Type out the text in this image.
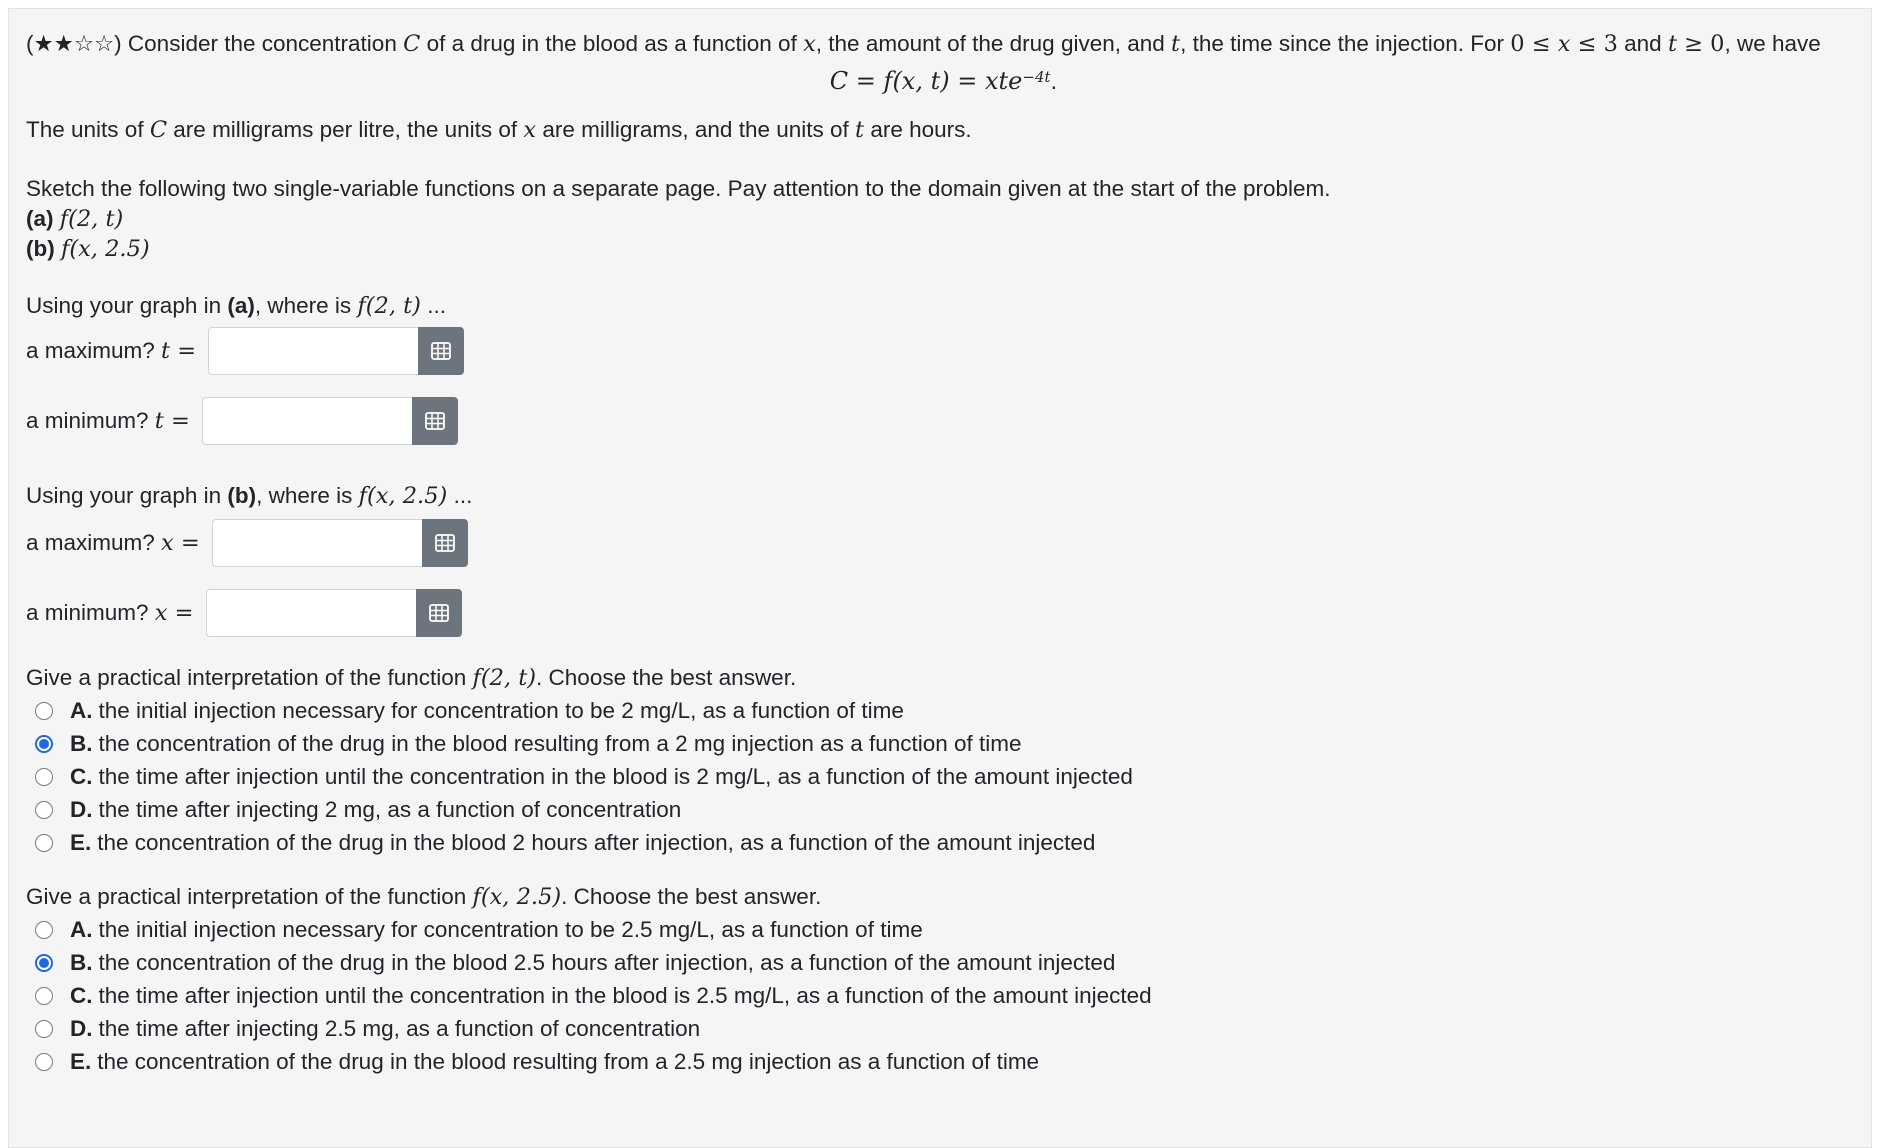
(★★☆☆) Consider the concentration C of a drug in the blood as a function of x, the amount of the drug given, and t, the time since the injection. For 0 ≤ x ≤ 3 and t ≥ 0, we have

C = f(x, t) = xte$^{-4t}$.

The units of C are milligrams per litre, the units of x are milligrams, and the units of t are hours.

Sketch the following two single-variable functions on a separate page. Pay attention to the domain given at the start of the problem.

(a) f(2, t)

(b) f(x, 2.5)

Using your graph in (a), where is f(2, t) ...

a maximum? t =
a minimum? t =

Using your graph in (b), where is f(x, 2.5) ...

a maximum? x =
a minimum? x =

Give a practical interpretation of the function f(2, t). Choose the best answer.

A. the initial injection necessary for concentration to be 2 mg/L, as a function of time
B. the concentration of the drug in the blood resulting from a 2 mg injection as a function of time
C. the time after injection until the concentration in the blood is 2 mg/L, as a function of the amount injected
D. the time after injecting 2 mg, as a function of concentration
E. the concentration of the drug in the blood 2 hours after injection, as a function of the amount injected

Give a practical interpretation of the function f(x, 2.5). Choose the best answer.

A. the initial injection necessary for concentration to be 2.5 mg/L, as a function of time
B. the concentration of the drug in the blood 2.5 hours after injection, as a function of the amount injected
C. the time after injection until the concentration in the blood is 2.5 mg/L, as a function of the amount injected
D. the time after injecting 2.5 mg, as a function of concentration
E. the concentration of the drug in the blood resulting from a 2.5 mg injection as a function of time
